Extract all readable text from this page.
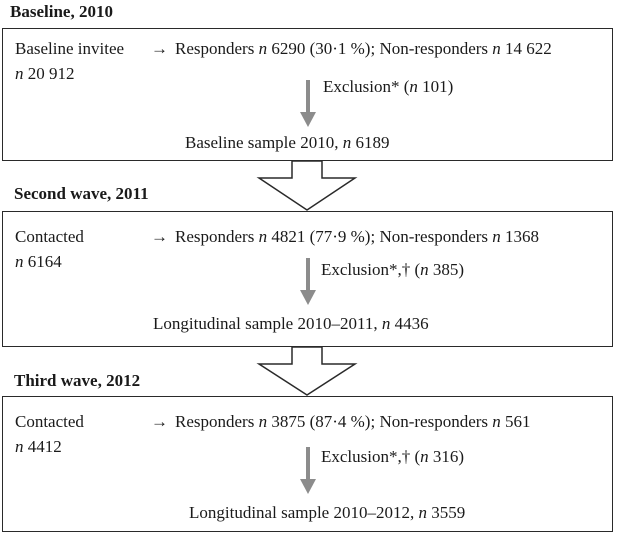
Baseline, 2010
Baseline invitee
n 20 912
→ Responders n 6290 (30·1 %); Non-responders n 14 622
Exclusion* (n 101)
Baseline sample 2010, n 6189
Second wave, 2011
Contacted
n 6164
→ Responders n 4821 (77·9 %); Non-responders n 1368
Exclusion*,† (n 385)
Longitudinal sample 2010–2011, n 4436
Third wave, 2012
Contacted
n 4412
→ Responders n 3875 (87·4 %); Non-responders n 561
Exclusion*,† (n 316)
Longitudinal sample 2010–2012, n 3559
